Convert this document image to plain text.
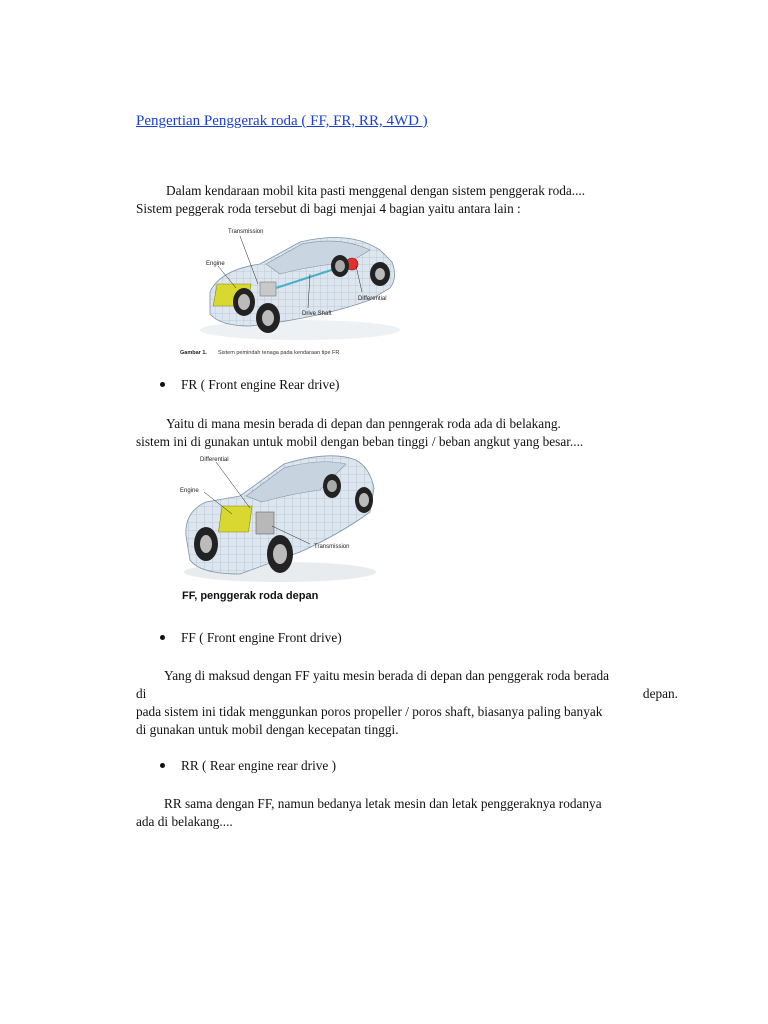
Pengertian Penggerak roda ( FF, FR, RR, 4WD )
Dalam kendaraan mobil kita pasti menggenal dengan sistem penggerak roda....
Sistem peggerak roda tersebut di bagi menjai 4 bagian yaitu antara lain :
Transmission
Engine
Differential
Drive Shaft
Gambar 1. Sistem pemindah tenaga pada kendaraan tipe FR
FR ( Front engine Rear drive)
Yaitu di mana mesin berada di depan dan penngerak roda ada di belakang.
sistem ini di gunakan untuk mobil dengan beban tinggi / beban angkut yang besar....
Differential
Engine
Transmission
FF, penggerak roda depan
FF ( Front engine Front drive)
Yang di maksud dengan FF yaitu mesin berada di depan dan penggerak roda berada
di	depan.
pada sistem ini tidak menggunkan poros propeller / poros shaft, biasanya paling banyak
di gunakan untuk mobil dengan kecepatan tinggi.
RR ( Rear engine rear drive )
RR sama dengan FF, namun bedanya letak mesin dan letak penggeraknya rodanya
ada di belakang....
